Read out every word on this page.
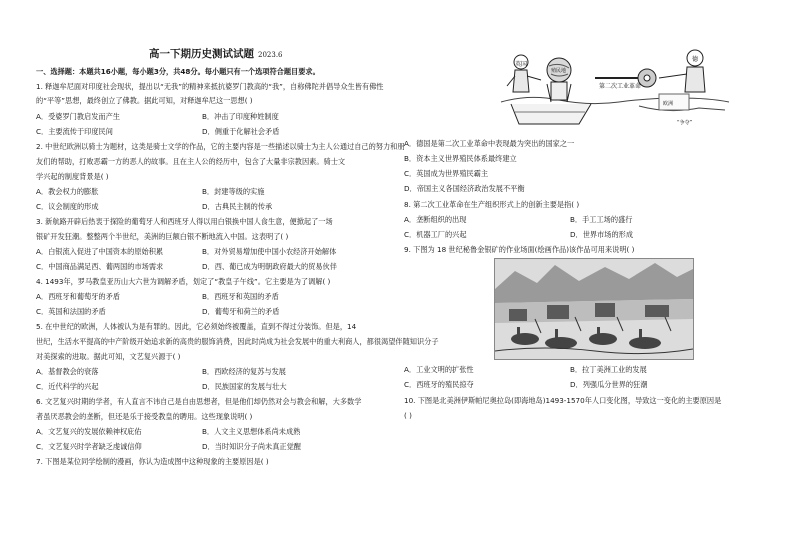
高一下期历史测试试题 2023.6
一、选择题：本题共16小题，每小题3分，共48分。每小题只有一个选项符合题目要求。
1. 释迦牟尼面对印度社会现状，提出以“无我”的精神来抵抗婆罗门教高的“我”，自称佛陀并倡导众生皆有佛性
的“平等”思想，最终创立了佛教。据此可知，对释迦牟尼这一思想( )
A．受婆罗门教启发而产生	B．冲击了印度种姓制度
C．主要流传于印度民间	D．侧重于化解社会矛盾
2. 中世纪欧洲以骑士为题材，这类是骑士文学的作品，它的主要内容是一些描述以骑士为主人公通过自己的努力和朋
友们的帮助，打败恶霸一方的恶人的故事。且在主人公的经历中，包含了大量非宗教因素。骑士文
学兴起的制度背景是( )
A．教会权力的膨胀	B．封建等级的实施
C．议会制度的形成	D．古典民主制的传承
3. 新航路开辟后热衷于探险的葡萄牙人和西班牙人得以用白银换中国人食生意，便掀起了一场
银矿开发狂潮。整整两个半世纪，美洲的巨额白银不断地流入中国。这表明了( )
A．白银流入促进了中国资本的原始积累	B．对外贸易增加使中国小农经济开始解体
C．中国商品满足西、葡两国的市场需求	D．西、葡已成为明朝政府最大的贸易伙伴
4. 1493年，罗马教皇亚历山大六世为调解矛盾，划定了“教皇子午线”。它主要是为了调解( )
A．西班牙和葡萄牙的矛盾	B．西班牙和英国的矛盾
C．英国和法国的矛盾	D．葡萄牙和荷兰的矛盾
5. 在中世纪的欧洲，人体被认为是有罪的。因此，它必须始终被覆盖，直到不得过分装饰。但是，14
世纪，生活水平提高的中产阶级开始追求新的高贵的服饰消费，因此时尚成为社会发展中的重大利商人，都很渴望伴随知识分子
对美探索的进取。据此可知，文艺复兴源于( )
A．基督教会的衰落	B．西欧经济的复苏与发展
C．近代科学的兴起	D．民族国家的发展与壮大
6. 文艺复兴时期的学者，有人直言不讳自己是自由思想者，但是他们却仍然对会与教会和解，大多数学
者虽厌恶教会的垄断，但还是乐于接受教皇的聘用。这些现象说明( )
A．文艺复兴的发展依赖神权庇佑	B．人文主义思想体系尚未成熟
C．文艺复兴时学者缺乏虔诚信仰	D．当时知识分子尚未真正觉醒
7. 下图是某位同学绘制的漫画，你认为造成图中这种现象的主要原因是( )
英国
殖民地
德
第二次工业革命
欧洲
“争夺”
A．德国是第二次工业革命中表现最为突出的国家之一
B．资本主义世界殖民体系最终建立
C．英国成为世界殖民霸主
D．帝国主义各国经济政治发展不平衡
8. 第二次工业革命在生产组织形式上的创新主要是指( )
A．垄断组织的出现	B．手工工场的盛行
C．机器工厂的兴起	D．世界市场的形成
9. 下图为 18 世纪秘鲁金银矿的作业场面(绘画作品)该作品可用来说明( )
A．工业文明的扩张性	B．拉丁美洲工业的发展
C．西班牙的殖民掠夺	D．列强瓜分世界的狂潮
10. 下图是北美洲伊斯帕尼奥拉岛(即海地岛)1493-1570年人口变化图，导致这一变化的主要原因是
( )
